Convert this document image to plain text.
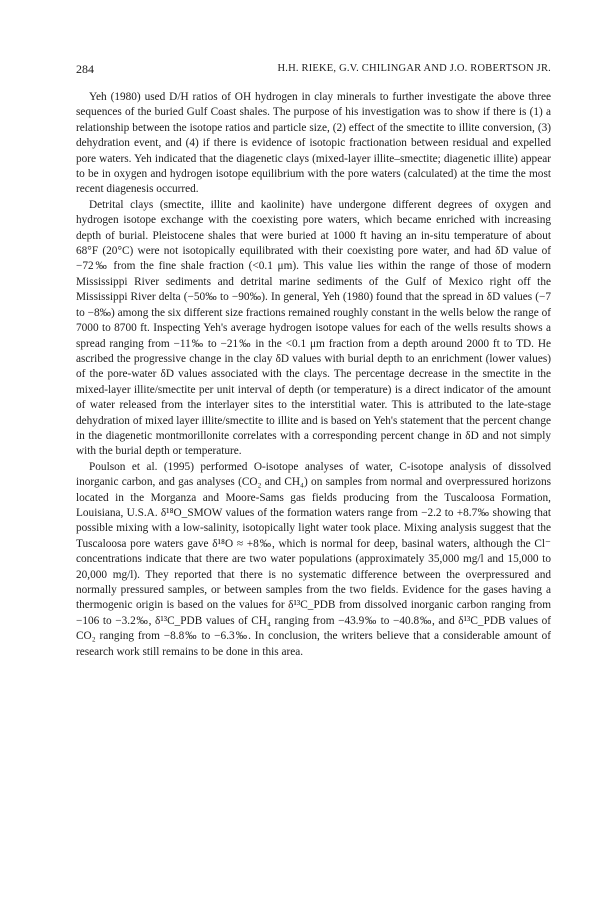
284	H.H. RIEKE, G.V. CHILINGAR AND J.O. ROBERTSON JR.

Yeh (1980) used D/H ratios of OH hydrogen in clay minerals to further investigate the above three sequences of the buried Gulf Coast shales. The purpose of his investigation was to show if there is (1) a relationship between the isotope ratios and particle size, (2) effect of the smectite to illite conversion, (3) dehydration event, and (4) if there is evidence of isotopic fractionation between residual and expelled pore waters. Yeh indicated that the diagenetic clays (mixed-layer illite–smectite; diagenetic illite) appear to be in oxygen and hydrogen isotope equilibrium with the pore waters (calculated) at the time the most recent diagenesis occurred.

Detrital clays (smectite, illite and kaolinite) have undergone different degrees of oxygen and hydrogen isotope exchange with the coexisting pore waters, which became enriched with increasing depth of burial. Pleistocene shales that were buried at 1000 ft having an in-situ temperature of about 68°F (20°C) were not isotopically equilibrated with their coexisting pore water, and had δD value of −72‰ from the fine shale fraction (<0.1 μm). This value lies within the range of those of modern Mississippi River sediments and detrital marine sediments of the Gulf of Mexico right off the Mississippi River delta (−50‰ to −90‰). In general, Yeh (1980) found that the spread in δD values (−7 to −8‰) among the six different size fractions remained roughly constant in the wells below the range of 7000 to 8700 ft. Inspecting Yeh's average hydrogen isotope values for each of the wells results shows a spread ranging from −11‰ to −21‰ in the <0.1 μm fraction from a depth around 2000 ft to TD. He ascribed the progressive change in the clay δD values with burial depth to an enrichment (lower values) of the pore-water δD values associated with the clays. The percentage decrease in the smectite in the mixed-layer illite/smectite per unit interval of depth (or temperature) is a direct indicator of the amount of water released from the interlayer sites to the interstitial water. This is attributed to the late-stage dehydration of mixed layer illite/smectite to illite and is based on Yeh's statement that the percent change in the diagenetic montmorillonite correlates with a corresponding percent change in δD and not simply with the burial depth or temperature.

Poulson et al. (1995) performed O-isotope analyses of water, C-isotope analysis of dissolved inorganic carbon, and gas analyses (CO₂ and CH₄) on samples from normal and overpressured horizons located in the Morganza and Moore-Sams gas fields producing from the Tuscaloosa Formation, Louisiana, U.S.A. δ¹⁸O_SMOW values of the formation waters range from −2.2 to +8.7‰ showing that possible mixing with a low-salinity, isotopically light water took place. Mixing analysis suggest that the Tuscaloosa pore waters gave δ¹⁸O ≈ +8‰, which is normal for deep, basinal waters, although the Cl⁻ concentrations indicate that there are two water populations (approximately 35,000 mg/l and 15,000 to 20,000 mg/l). They reported that there is no systematic difference between the overpressured and normally pressured samples, or between samples from the two fields. Evidence for the gases having a thermogenic origin is based on the values for δ¹³C_PDB from dissolved inorganic carbon ranging from −106 to −3.2‰, δ¹³C_PDB values of CH₄ ranging from −43.9‰ to −40.8‰, and δ¹³C_PDB values of CO₂ ranging from −8.8‰ to −6.3‰. In conclusion, the writers believe that a considerable amount of research work still remains to be done in this area.
